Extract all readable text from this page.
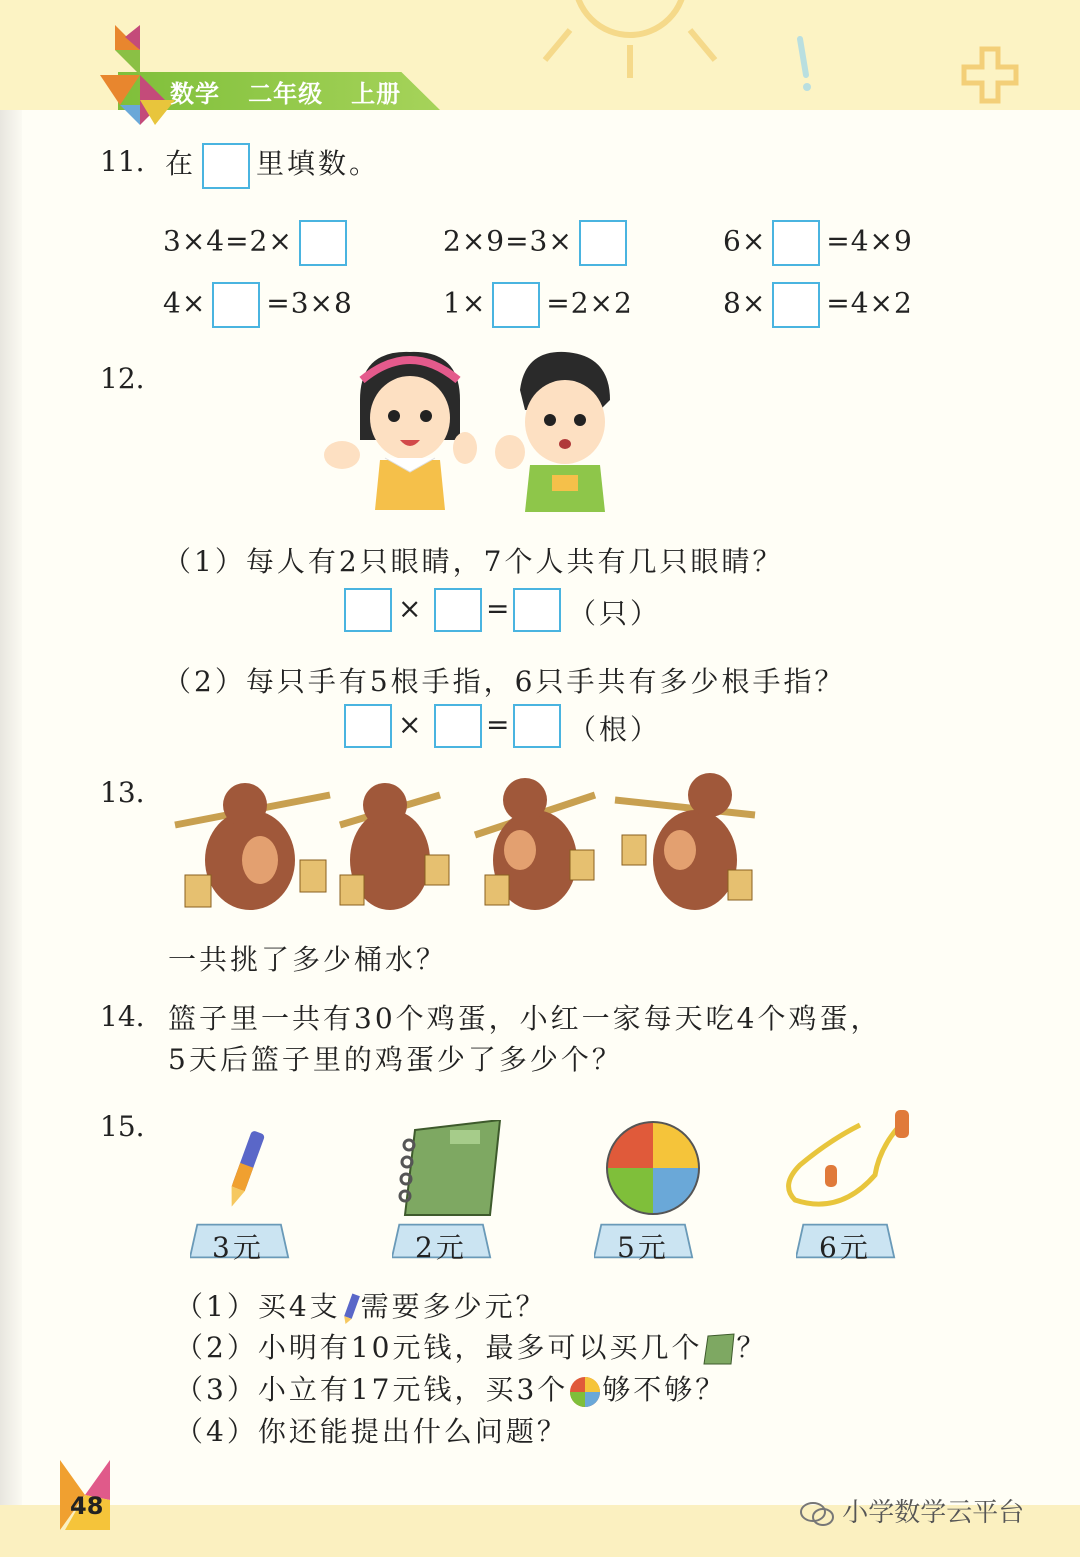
数学 二年级 上册
11. 在 里填数。
3×4=2×	2×9=3×	6× =4×9
4× =3×8	1× =2×2	8× =4×2
12.
（1）每人有2只眼睛，7个人共有几只眼睛？
× = （只）
（2）每只手有5根手指，6只手共有多少根手指？
× = （根）
13.
一共挑了多少桶水？
14. 篮子里一共有30个鸡蛋，小红一家每天吃4个鸡蛋，
5天后篮子里的鸡蛋少了多少个？
15.
3元	2元	5元	6元
（1）买4支 需要多少元？
（2）小明有10元钱，最多可以买几个 ？
（3）小立有17元钱，买3个 够不够？
（4）你还能提出什么问题？
48	小学数学云平台
